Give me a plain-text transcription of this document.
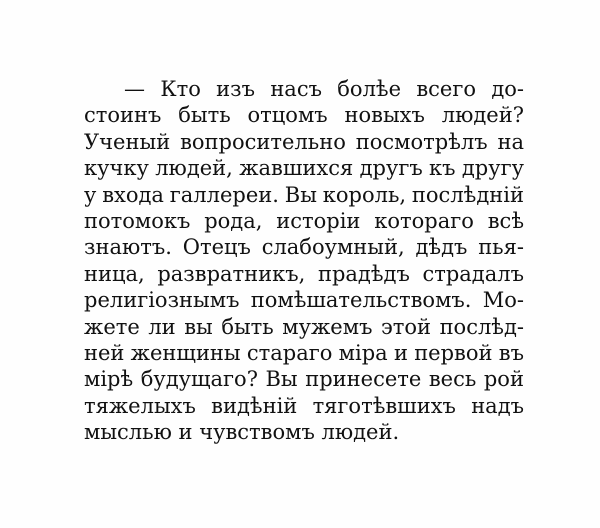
— Кто изъ насъ болѣе всего до-
стоинъ быть отцомъ новыхъ людей?
Ученый вопросительно посмотрѣлъ на
кучку людей, жавшихся другъ къ другу
у входа галлереи. Вы король, послѣдній
потомокъ рода, исторіи котораго всѣ
знаютъ. Отецъ слабоумный, дѣдъ пья-
ница, развратникъ, прадѣдъ страдалъ
религіознымъ помѣшательствомъ. Мо-
жете ли вы быть мужемъ этой послѣд-
ней женщины стараго міра и первой въ
мірѣ будущаго? Вы принесете весь рой
тяжелыхъ видѣній тяготѣвшихъ надъ
мыслью и чувствомъ людей.
